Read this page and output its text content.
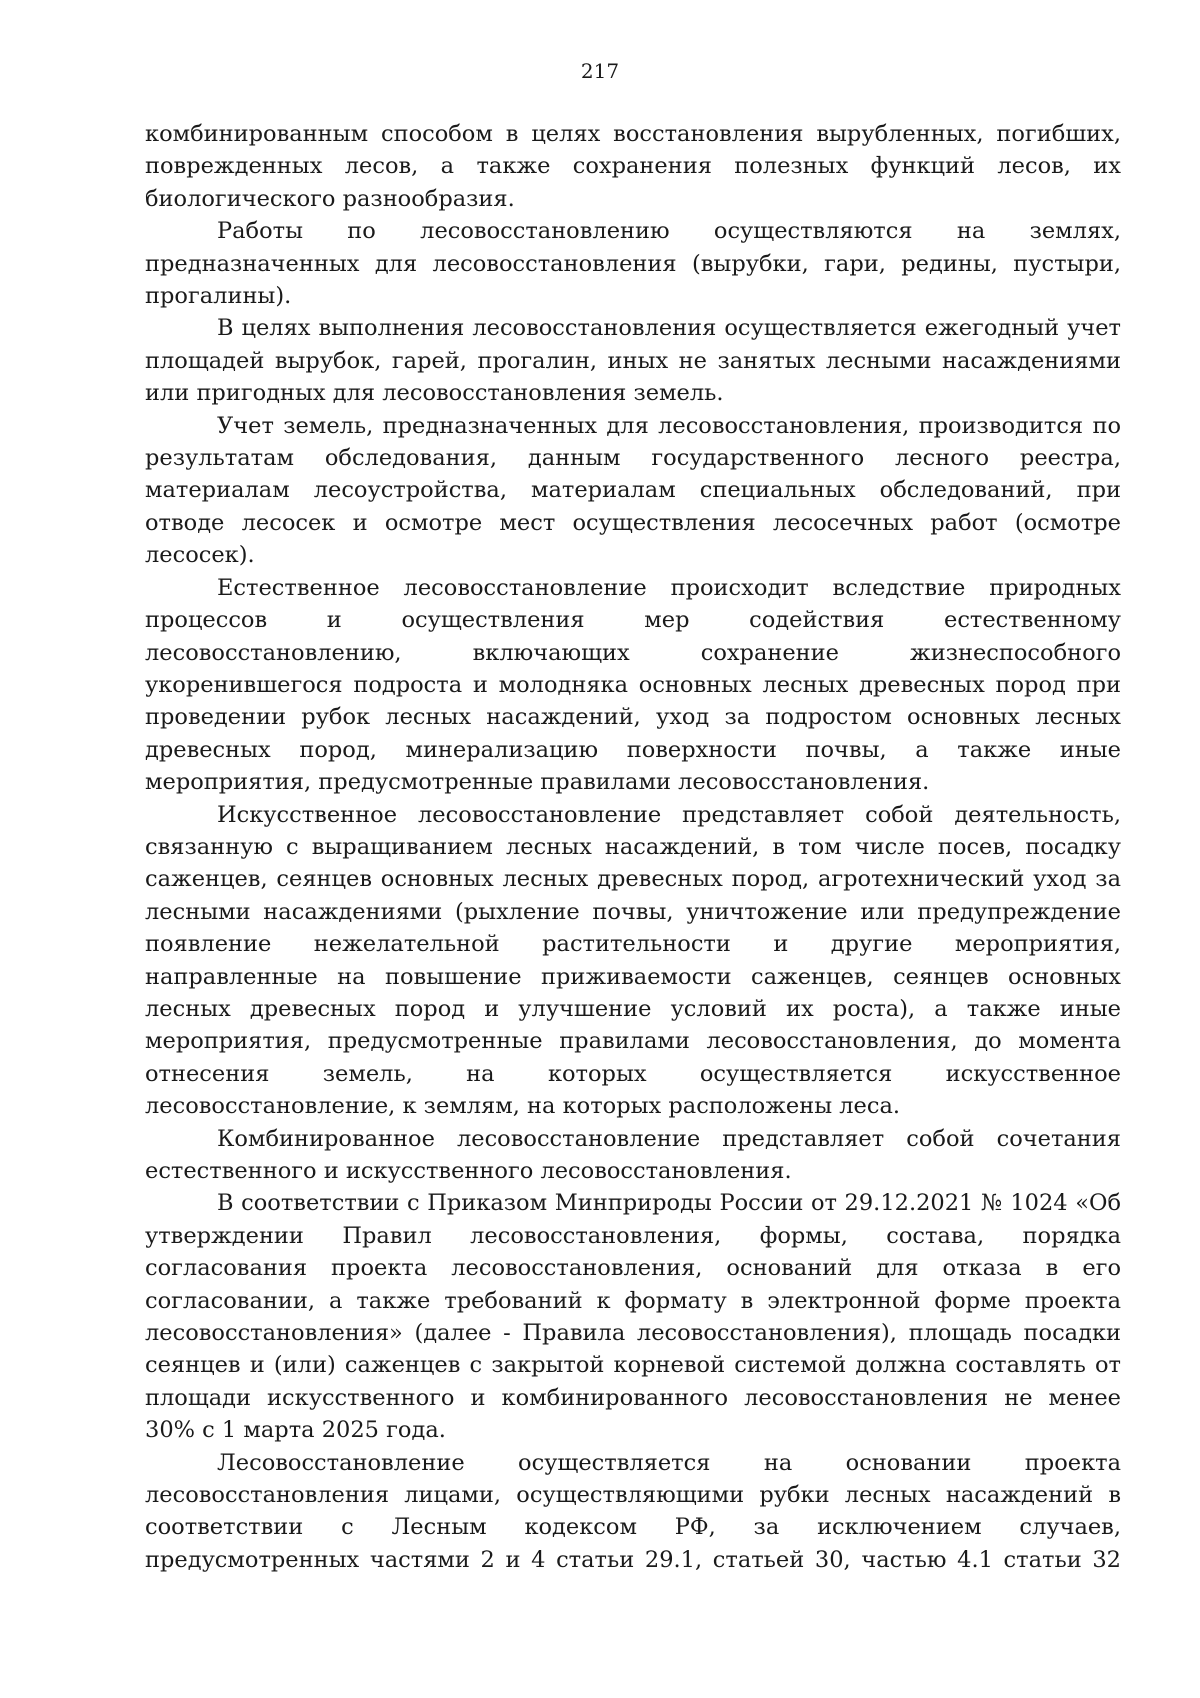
217

комбинированным способом в целях восстановления вырубленных, погибших, поврежденных лесов, а также сохранения полезных функций лесов, их биологического разнообразия.

Работы по лесовосстановлению осуществляются на землях, предназначенных для лесовосстановления (вырубки, гари, редины, пустыри, прогалины).

В целях выполнения лесовосстановления осуществляется ежегодный учет площадей вырубок, гарей, прогалин, иных не занятых лесными насаждениями или пригодных для лесовосстановления земель.

Учет земель, предназначенных для лесовосстановления, производится по результатам обследования, данным государственного лесного реестра, материалам лесоустройства, материалам специальных обследований, при отводе лесосек и осмотре мест осуществления лесосечных работ (осмотре лесосек).

Естественное лесовосстановление происходит вследствие природных процессов и осуществления мер содействия естественному лесовосстановлению, включающих сохранение жизнеспособного укоренившегося подроста и молодняка основных лесных древесных пород при проведении рубок лесных насаждений, уход за подростом основных лесных древесных пород, минерализацию поверхности почвы, а также иные мероприятия, предусмотренные правилами лесовосстановления.

Искусственное лесовосстановление представляет собой деятельность, связанную с выращиванием лесных насаждений, в том числе посев, посадку саженцев, сеянцев основных лесных древесных пород, агротехнический уход за лесными насаждениями (рыхление почвы, уничтожение или предупреждение появление нежелательной растительности и другие мероприятия, направленные на повышение приживаемости саженцев, сеянцев основных лесных древесных пород и улучшение условий их роста), а также иные мероприятия, предусмотренные правилами лесовосстановления, до момента отнесения земель, на которых осуществляется искусственное лесовосстановление, к землям, на которых расположены леса.

Комбинированное лесовосстановление представляет собой сочетания естественного и искусственного лесовосстановления.

В соответствии с Приказом Минприроды России от 29.12.2021 № 1024 «Об утверждении Правил лесовосстановления, формы, состава, порядка согласования проекта лесовосстановления, оснований для отказа в его согласовании, а также требований к формату в электронной форме проекта лесовосстановления» (далее - Правила лесовосстановления), площадь посадки сеянцев и (или) саженцев с закрытой корневой системой должна составлять от площади искусственного и комбинированного лесовосстановления не менее 30% с 1 марта 2025 года.

Лесовосстановление осуществляется на основании проекта лесовосстановления лицами, осуществляющими рубки лесных насаждений в соответствии с Лесным кодексом РФ, за исключением случаев, предусмотренных частями 2 и 4 статьи 29.1, статьей 30, частью 4.1 статьи 32
